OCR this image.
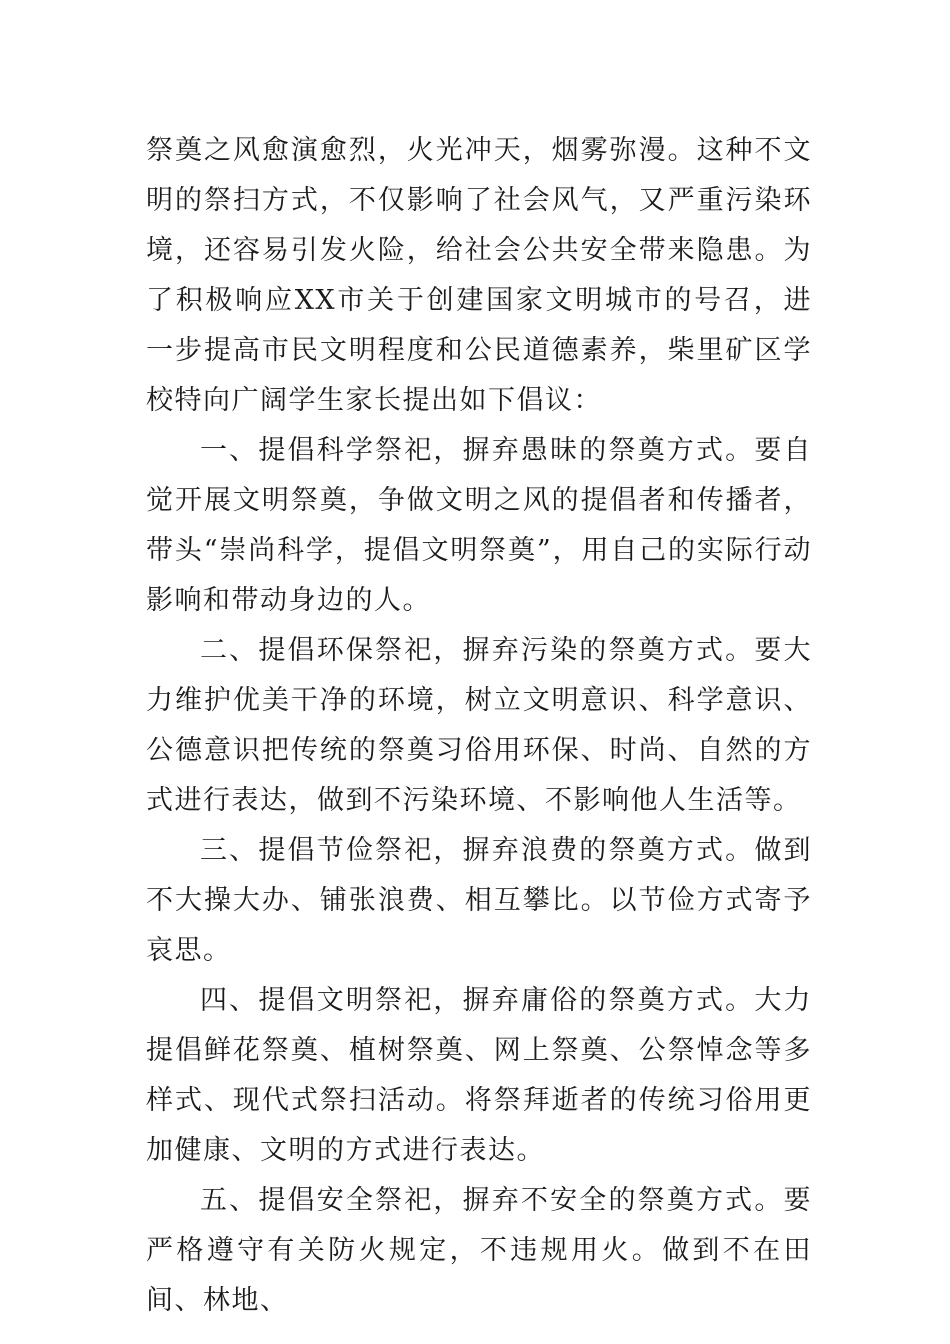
祭奠之风愈演愈烈，火光冲天，烟雾弥漫。这种不文明的祭扫方式，不仅影响了社会风气，又严重污染环境，还容易引发火险，给社会公共安全带来隐患。为了积极响应XX市关于创建国家文明城市的号召，进一步提高市民文明程度和公民道德素养，柴里矿区学校特向广阔学生家长提出如下倡议：

一、提倡科学祭祀，摒弃愚昧的祭奠方式。要自觉开展文明祭奠，争做文明之风的提倡者和传播者，带头“崇尚科学，提倡文明祭奠”，用自己的实际行动影响和带动身边的人。

二、提倡环保祭祀，摒弃污染的祭奠方式。要大力维护优美干净的环境，树立文明意识、科学意识、公德意识把传统的祭奠习俗用环保、时尚、自然的方式进行表达，做到不污染环境、不影响他人生活等。

三、提倡节俭祭祀，摒弃浪费的祭奠方式。做到不大操大办、铺张浪费、相互攀比。以节俭方式寄予哀思。

四、提倡文明祭祀，摒弃庸俗的祭奠方式。大力提倡鲜花祭奠、植树祭奠、网上祭奠、公祭悼念等多样式、现代式祭扫活动。将祭拜逝者的传统习俗用更加健康、文明的方式进行表达。

五、提倡安全祭祀，摒弃不安全的祭奠方式。要严格遵守有关防火规定，不违规用火。做到不在田间、林地、
